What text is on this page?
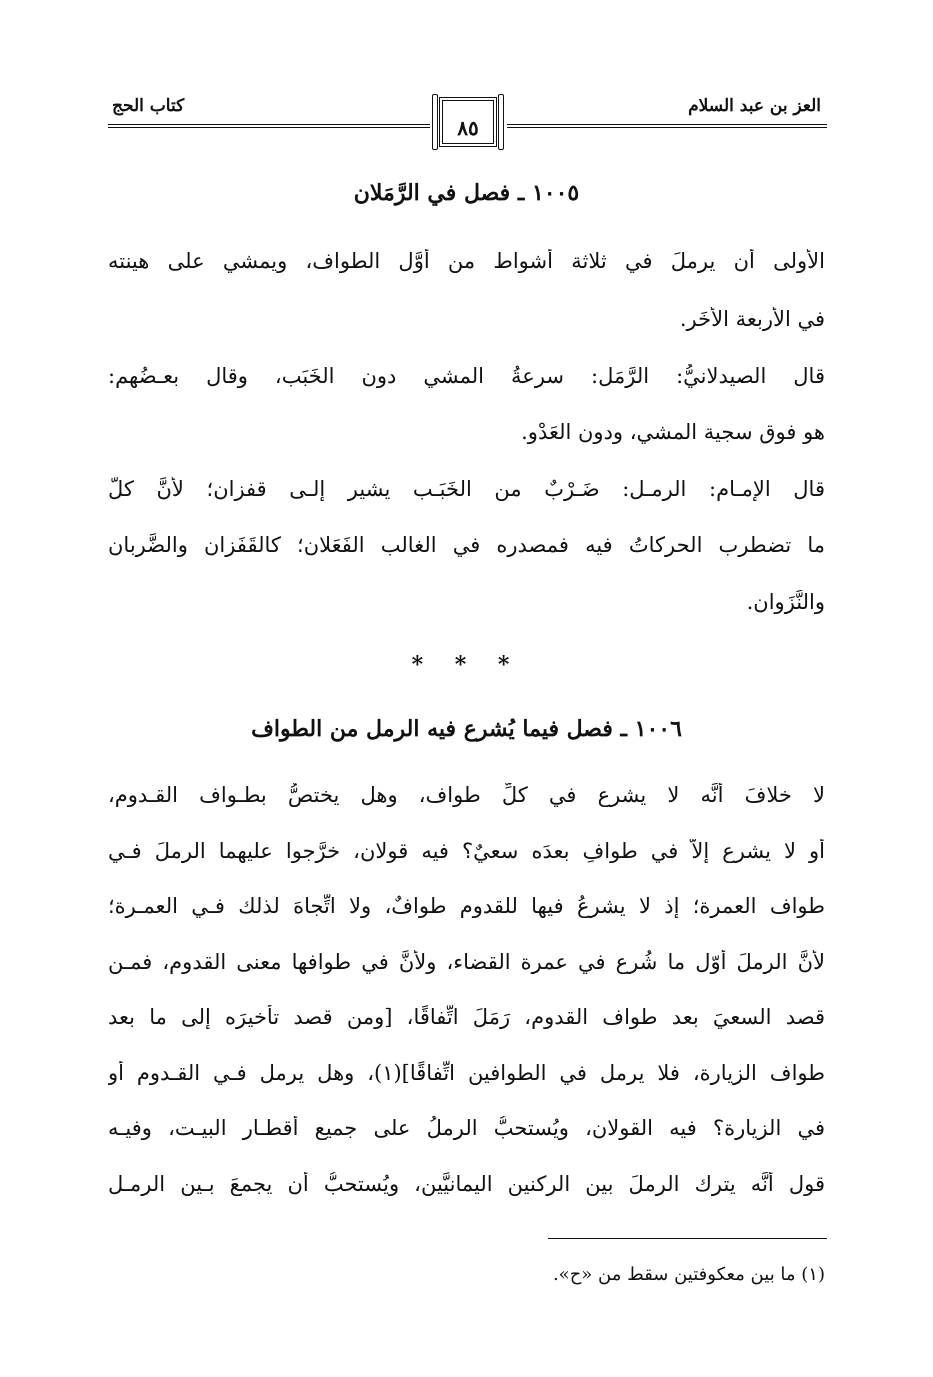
كتاب الحج	العز بن عبد السلام
٨٥
١٠٠٥ ـ فصل في الرَّمَلان
الأولى أن يرملَ في ثلاثة أشواط من أوَّل الطواف، ويمشي على هينته
في الأربعة الأُخَر.
قال الصيدلانيُّ: الرَّمَل: سرعةُ المشي دون الخَبَب، وقال بعـضُهم:
هو فوق سجية المشي، ودون العَدْوِ.
قال الإمـام: الرمـل: ضَـرْبٌ من الخَبَـب يشير إلـى قفزان؛ لأنَّ كلَّ
ما تضطرب الحركاتُ فيه فمصدره في الغالب الفَعَلان؛ كالقَفَزان والضَّربان
والنَّزَوان.
* * *
١٠٠٦ ـ فصل فيما يُشرع فيه الرمل من الطواف
لا خلافَ أنَّه لا يشرع في كلِّ طواف، وهل يختصُّ بطـواف القـدوم،
أو لا يشرع إلاَّ في طوافٍ بعدَه سعيٌ؟ فيه قولان، خرَّجوا عليهما الرملَ فـي
طواف العمرة؛ إذ لا يشرعُ فيها للقدوم طوافٌ، ولا اتِّجاهَ لذلك فـي العمـرة؛
لأنَّ الرملَ أوّل ما شُرع في عمرة القضاء، ولأنَّ في طوافها معنى القدوم، فمـن
قصد السعيَ بعد طواف القدوم، رَمَلَ اتِّفاقًا، [ومن قصد تأخيرَه إلى ما بعد
طواف الزيارة، فلا يرمل في الطوافين اتِّفاقًا](١)، وهل يرمل فـي القـدوم أو
في الزيارة؟ فيه القولان، ويُستحبُّ الرملُ على جميع أقطـار البيـت، وفيـه
قول أنَّه يترك الرملَ بين الركنين اليمانيَّين، ويُستحبُّ أن يجمعَ بـين الرمـل
(١) ما بين معكوفتين سقط من «ح».
